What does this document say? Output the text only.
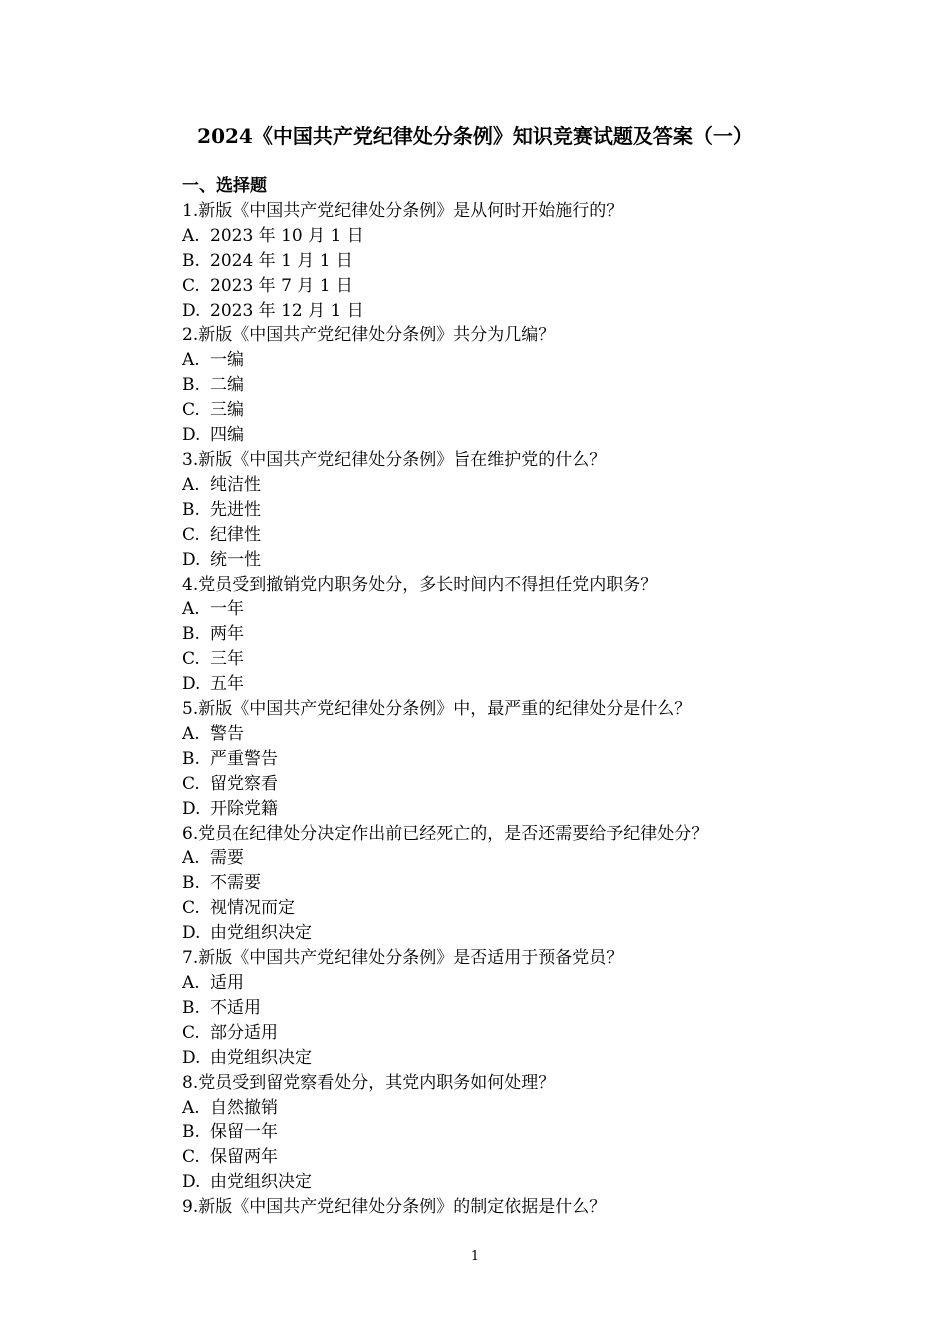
2024《中国共产党纪律处分条例》知识竞赛试题及答案（一）
一、选择题
1.新版《中国共产党纪律处分条例》是从何时开始施行的？
A. 2023 年 10 月 1 日
B. 2024 年 1 月 1 日
C. 2023 年 7 月 1 日
D. 2023 年 12 月 1 日
2.新版《中国共产党纪律处分条例》共分为几编？
A. 一编
B. 二编
C. 三编
D. 四编
3.新版《中国共产党纪律处分条例》旨在维护党的什么？
A. 纯洁性
B. 先进性
C. 纪律性
D. 统一性
4.党员受到撤销党内职务处分，多长时间内不得担任党内职务？
A. 一年
B. 两年
C. 三年
D. 五年
5.新版《中国共产党纪律处分条例》中，最严重的纪律处分是什么？
A. 警告
B. 严重警告
C. 留党察看
D. 开除党籍
6.党员在纪律处分决定作出前已经死亡的，是否还需要给予纪律处分？
A. 需要
B. 不需要
C. 视情况而定
D. 由党组织决定
7.新版《中国共产党纪律处分条例》是否适用于预备党员？
A. 适用
B. 不适用
C. 部分适用
D. 由党组织决定
8.党员受到留党察看处分，其党内职务如何处理？
A. 自然撤销
B. 保留一年
C. 保留两年
D. 由党组织决定
9.新版《中国共产党纪律处分条例》的制定依据是什么？
1
